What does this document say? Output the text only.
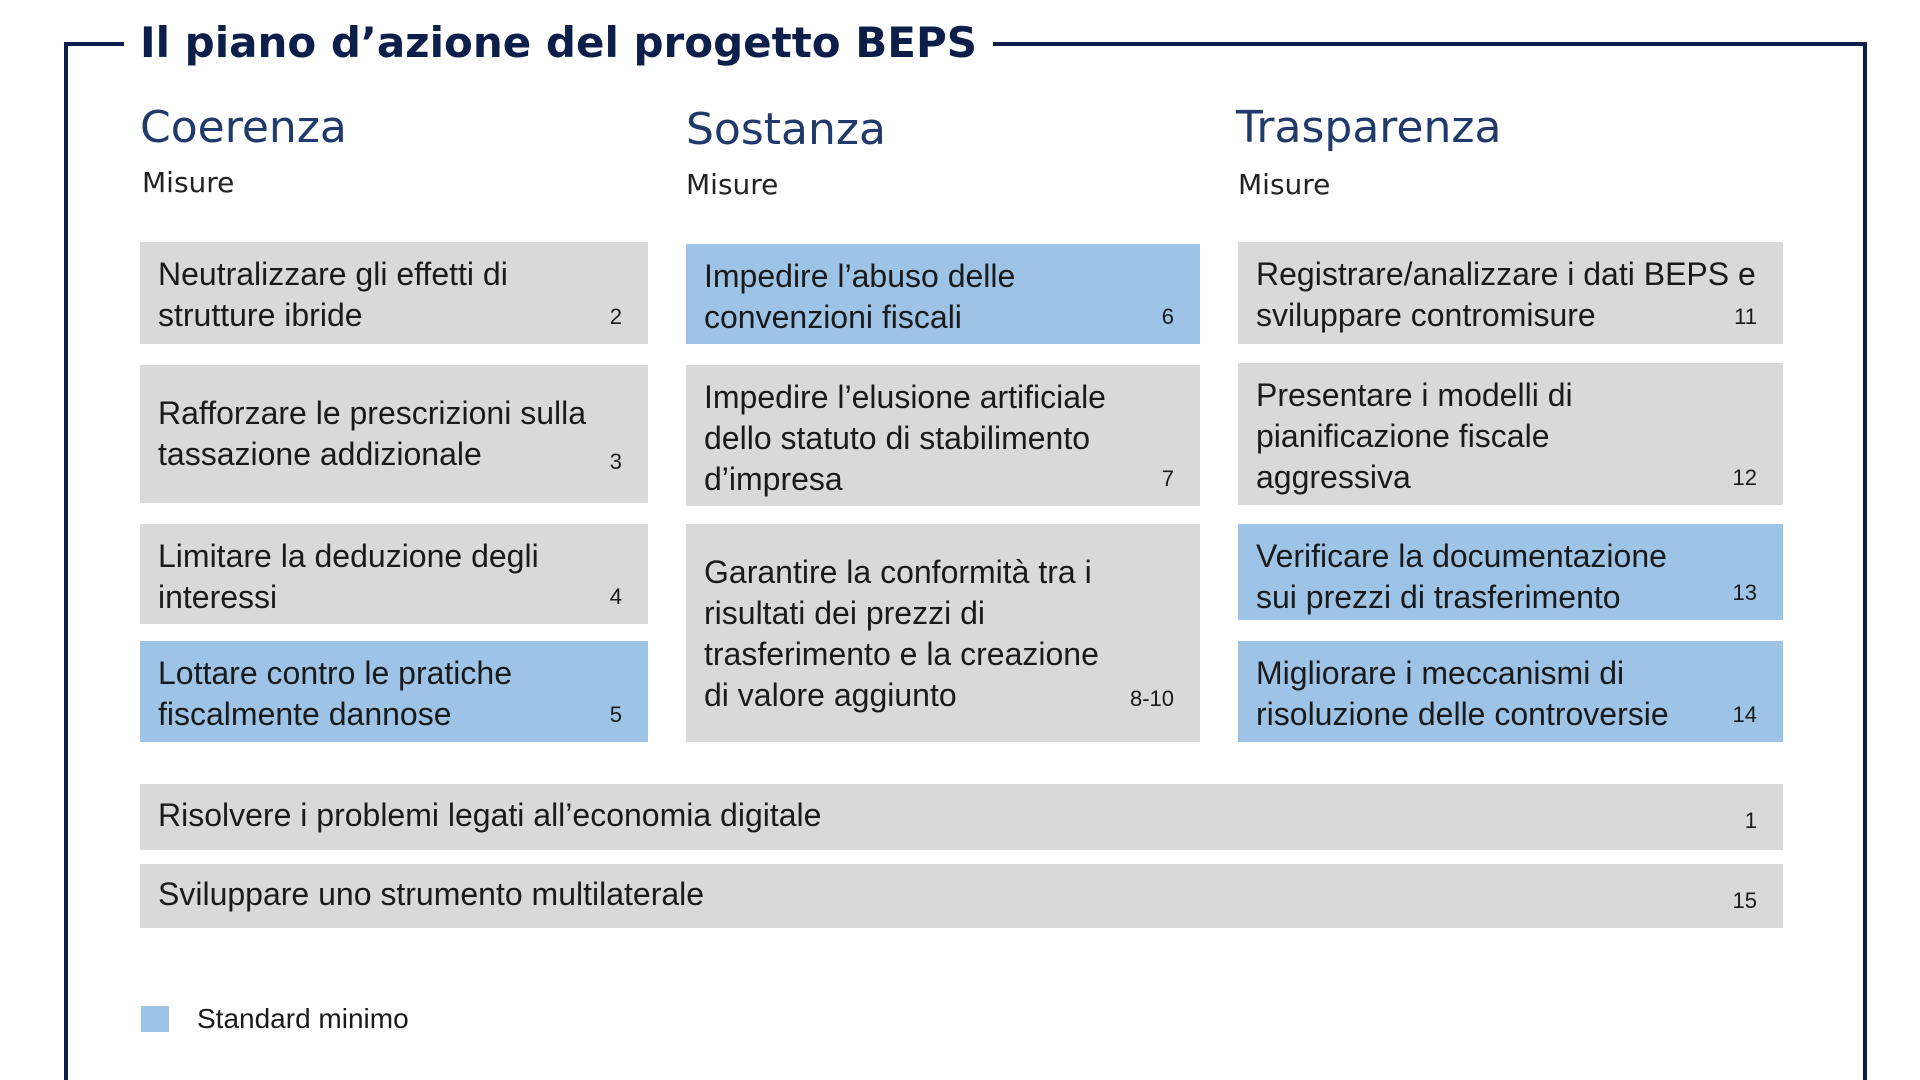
Il piano d’azione del progetto BEPS
Coerenza
Misure
Sostanza
Misure
Trasparenza
Misure
Neutralizzare gli effetti di strutture ibride	2
Rafforzare le prescrizioni sulla tassazione addizionale	3
Limitare la deduzione degli interessi	4
Lottare contro le pratiche fiscalmente dannose	5
Impedire l’abuso delle convenzioni fiscali	6
Impedire l’elusione artificiale dello statuto di stabilimento d’impresa	7
Garantire la conformità tra i risultati dei prezzi di trasferimento e la creazione di valore aggiunto	8-10
Registrare/analizzare i dati BEPS e sviluppare contromisure	11
Presentare i modelli di pianificazione fiscale aggressiva	12
Verificare la documentazione sui prezzi di trasferimento	13
Migliorare i meccanismi di risoluzione delle controversie	14
Risolvere i problemi legati all’economia digitale	1
Sviluppare uno strumento multilaterale	15
Standard minimo
